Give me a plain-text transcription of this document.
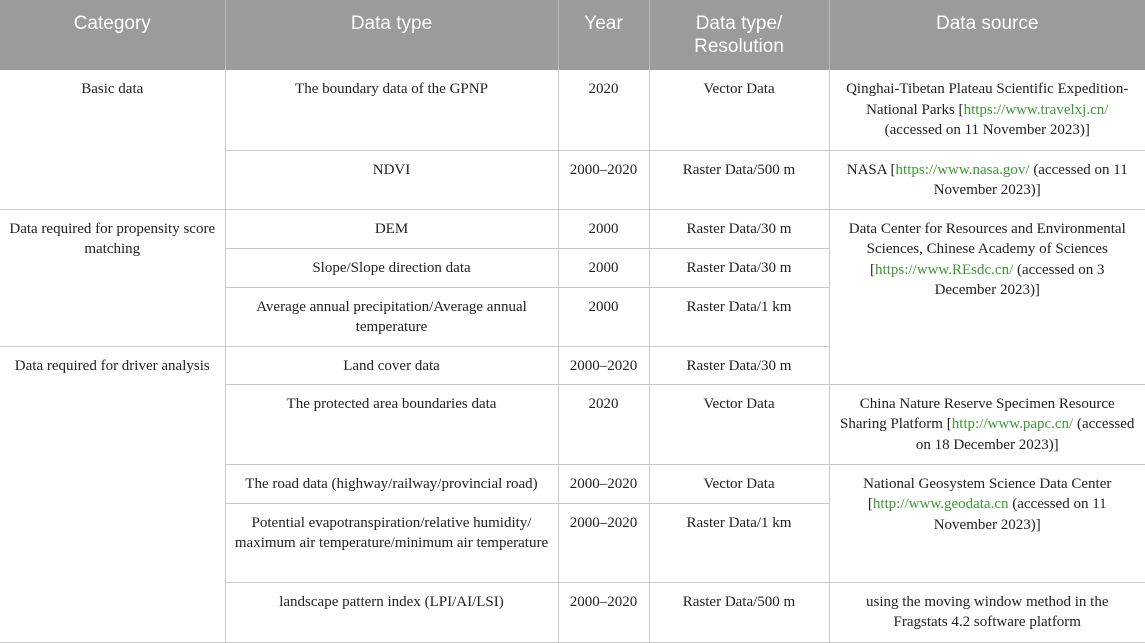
Category	Data type	Year	Data type/ Resolution	Data source
Basic data	The boundary data of the GPNP	2020	Vector Data	Qinghai-Tibetan Plateau Scientific Expedition-National Parks [https://www.travelxj.cn/ (accessed on 11 November 2023)]
	NDVI	2000–2020	Raster Data/500 m	NASA [https://www.nasa.gov/ (accessed on 11 November 2023)]
Data required for propensity score matching	DEM	2000	Raster Data/30 m	Data Center for Resources and Environmental Sciences, Chinese Academy of Sciences [https://www.REsdc.cn/ (accessed on 3 December 2023)]
	Slope/Slope direction data	2000	Raster Data/30 m	
	Average annual precipitation/Average annual temperature	2000	Raster Data/1 km	
Data required for driver analysis	Land cover data	2000–2020	Raster Data/30 m	
	The protected area boundaries data	2020	Vector Data	China Nature Reserve Specimen Resource Sharing Platform [http://www.papc.cn/ (accessed on 18 December 2023)]
	The road data (highway/railway/provincial road)	2000–2020	Vector Data	National Geosystem Science Data Center [http://www.geodata.cn (accessed on 11 November 2023)]
	Potential evapotranspiration/relative humidity/ maximum air temperature/minimum air temperature	2000–2020	Raster Data/1 km	
	landscape pattern index (LPI/AI/LSI)	2000–2020	Raster Data/500 m	using the moving window method in the Fragstats 4.2 software platform
